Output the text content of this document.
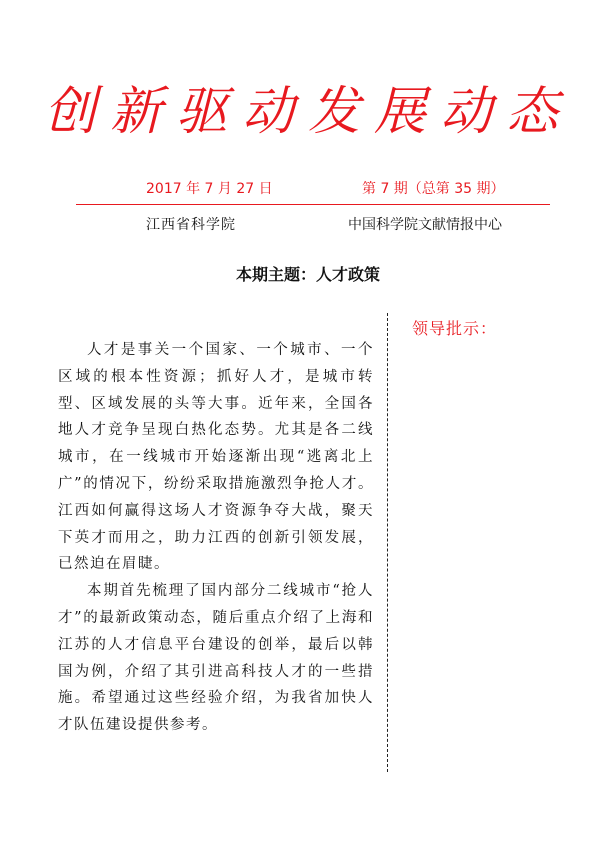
创新驱动发展动态
2017 年 7 月 27 日	第 7 期（总第 35 期）
江西省科学院	中国科学院文献情报中心
本期主题：人才政策

人才是事关一个国家、一个城市、一个区域的根本性资源；抓好人才，是城市转型、区域发展的头等大事。近年来，全国各地人才竞争呈现白热化态势。尤其是各二线城市，在一线城市开始逐渐出现“逃离北上广”的情况下，纷纷采取措施激烈争抢人才。江西如何赢得这场人才资源争夺大战，聚天下英才而用之，助力江西的创新引领发展，已然迫在眉睫。

本期首先梳理了国内部分二线城市“抢人才”的最新政策动态，随后重点介绍了上海和江苏的人才信息平台建设的创举，最后以韩国为例，介绍了其引进高科技人才的一些措施。希望通过这些经验介绍，为我省加快人才队伍建设提供参考。

领导批示：
